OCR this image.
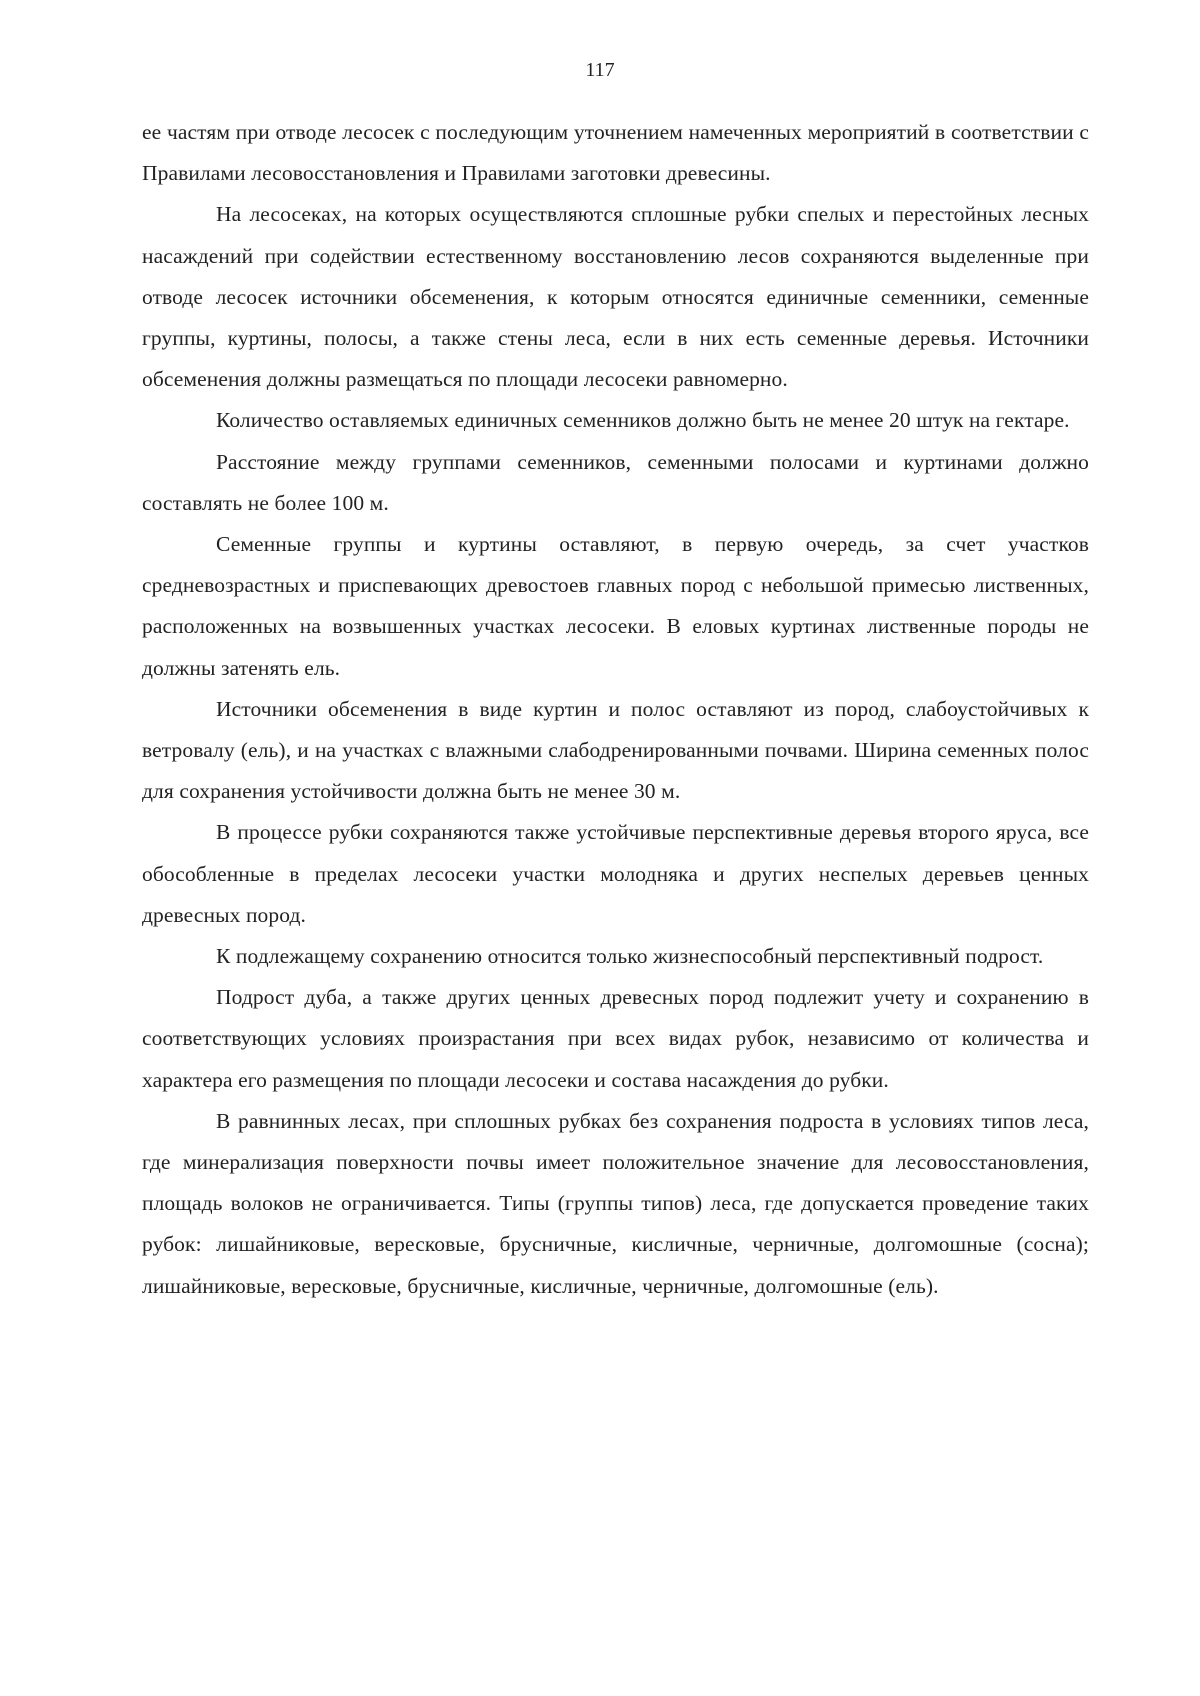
117

ее частям при отводе лесосек с последующим уточнением намеченных мероприятий в соответствии с Правилами лесовосстановления и Правилами заготовки древесины.

На лесосеках, на которых осуществляются сплошные рубки спелых и перестойных лесных насаждений при содействии естественному восстановлению лесов сохраняются выделенные при отводе лесосек источники обсеменения, к которым относятся единичные семенники, семенные группы, куртины, полосы, а также стены леса, если в них есть семенные деревья. Источники обсеменения должны размещаться по площади лесосеки равномерно.

Количество оставляемых единичных семенников должно быть не менее 20 штук на гектаре.

Расстояние между группами семенников, семенными полосами и куртинами должно составлять не более 100 м.

Семенные группы и куртины оставляют, в первую очередь, за счет участков средневозрастных и приспевающих древостоев главных пород с небольшой примесью лиственных, расположенных на возвышенных участках лесосеки. В еловых куртинах лиственные породы не должны затенять ель.

Источники обсеменения в виде куртин и полос оставляют из пород, слабоустойчивых к ветровалу (ель), и на участках с влажными слабодренированными почвами. Ширина семенных полос для сохранения устойчивости должна быть не менее 30 м.

В процессе рубки сохраняются также устойчивые перспективные деревья второго яруса, все обособленные в пределах лесосеки участки молодняка и других неспелых деревьев ценных древесных пород.

К подлежащему сохранению относится только жизнеспособный перспективный подрост.

Подрост дуба, а также других ценных древесных пород подлежит учету и сохранению в соответствующих условиях произрастания при всех видах рубок, независимо от количества и характера его размещения по площади лесосеки и состава насаждения до рубки.

В равнинных лесах, при сплошных рубках без сохранения подроста в условиях типов леса, где минерализация поверхности почвы имеет положительное значение для лесовосстановления, площадь волоков не ограничивается. Типы (группы типов) леса, где допускается проведение таких рубок: лишайниковые, вересковые, брусничные, кисличные, черничные, долгомошные (сосна); лишайниковые, вересковые, брусничные, кисличные, черничные, долгомошные (ель).
